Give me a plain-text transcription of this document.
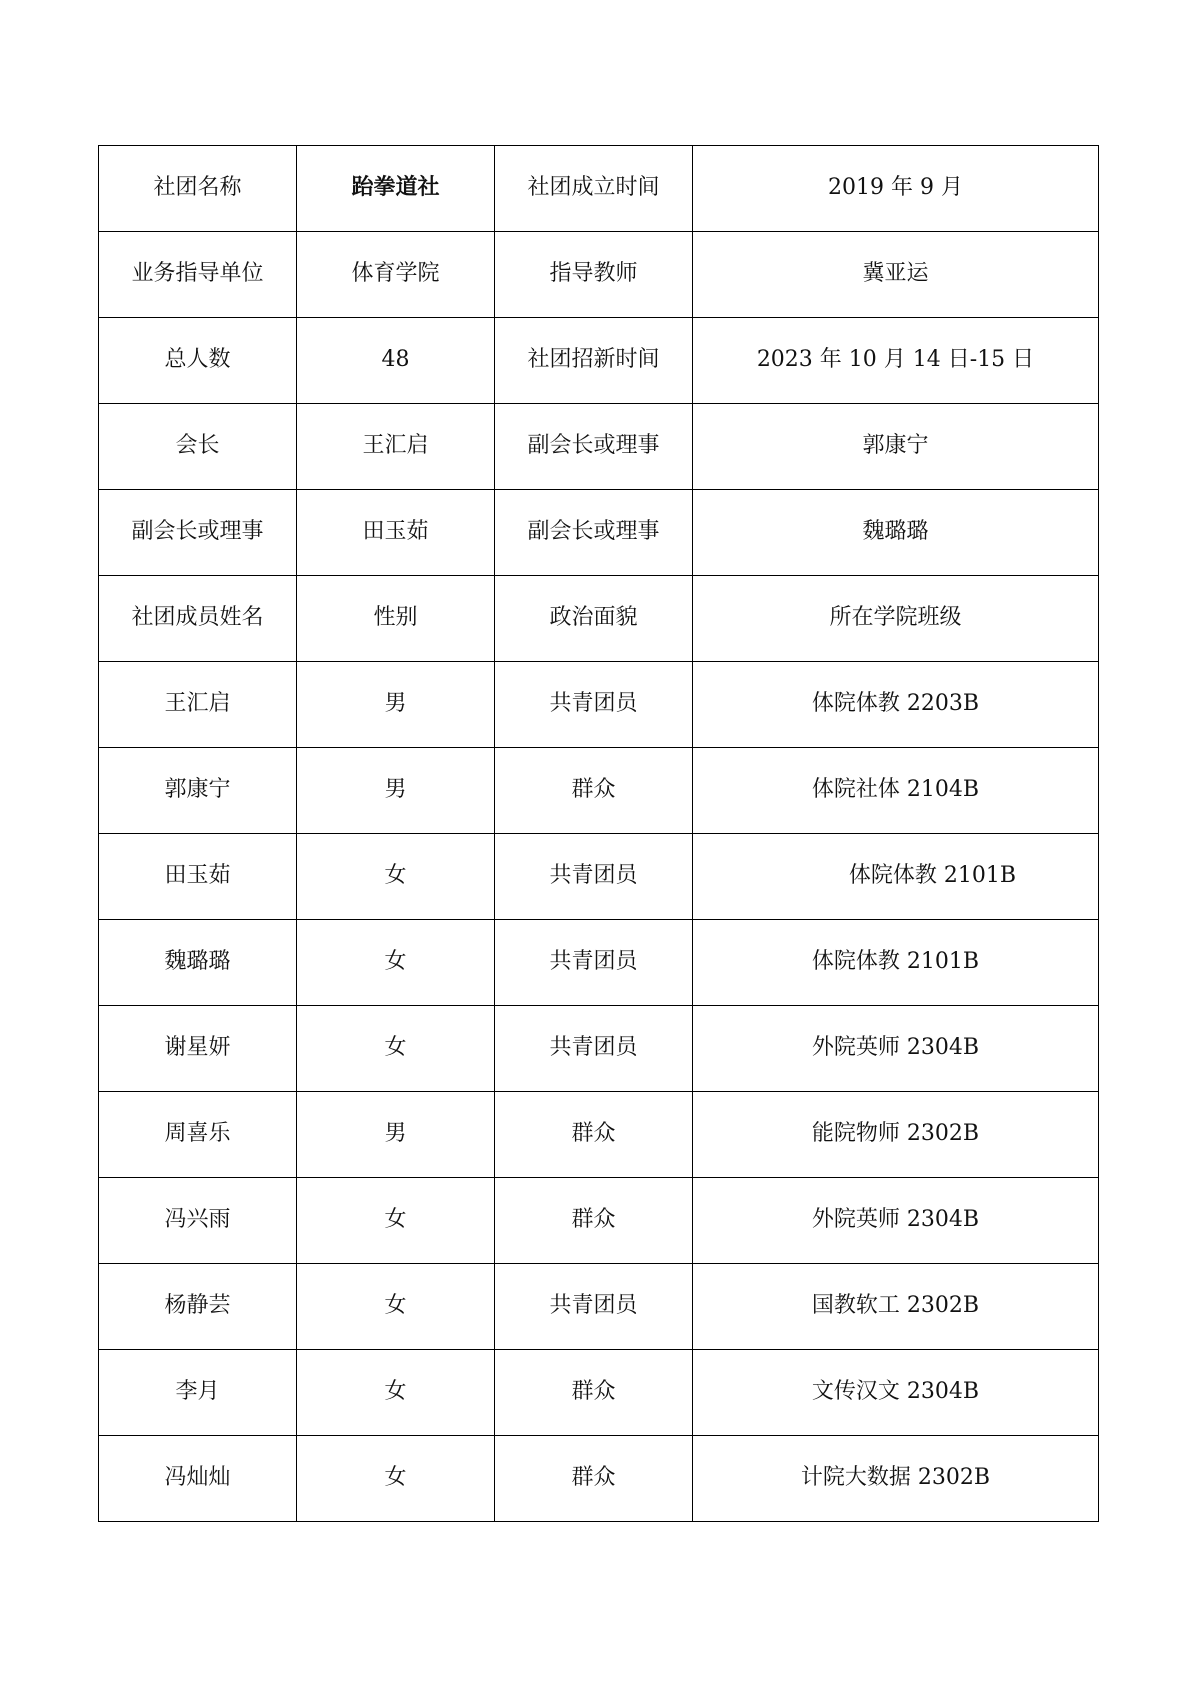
社团名称	跆拳道社	社团成立时间	2019 年 9 月
业务指导单位	体育学院	指导教师	冀亚运
总人数	48	社团招新时间	2023 年 10 月 14 日-15 日
会长	王汇启	副会长或理事	郭康宁
副会长或理事	田玉茹	副会长或理事	魏璐璐
社团成员姓名	性别	政治面貌	所在学院班级
王汇启	男	共青团员	体院体教 2203B
郭康宁	男	群众	体院社体 2104B
田玉茹	女	共青团员	体院体教 2101B
魏璐璐	女	共青团员	体院体教 2101B
谢星妍	女	共青团员	外院英师 2304B
周喜乐	男	群众	能院物师 2302B
冯兴雨	女	群众	外院英师 2304B
杨静芸	女	共青团员	国教软工 2302B
李月	女	群众	文传汉文 2304B
冯灿灿	女	群众	计院大数据 2302B
